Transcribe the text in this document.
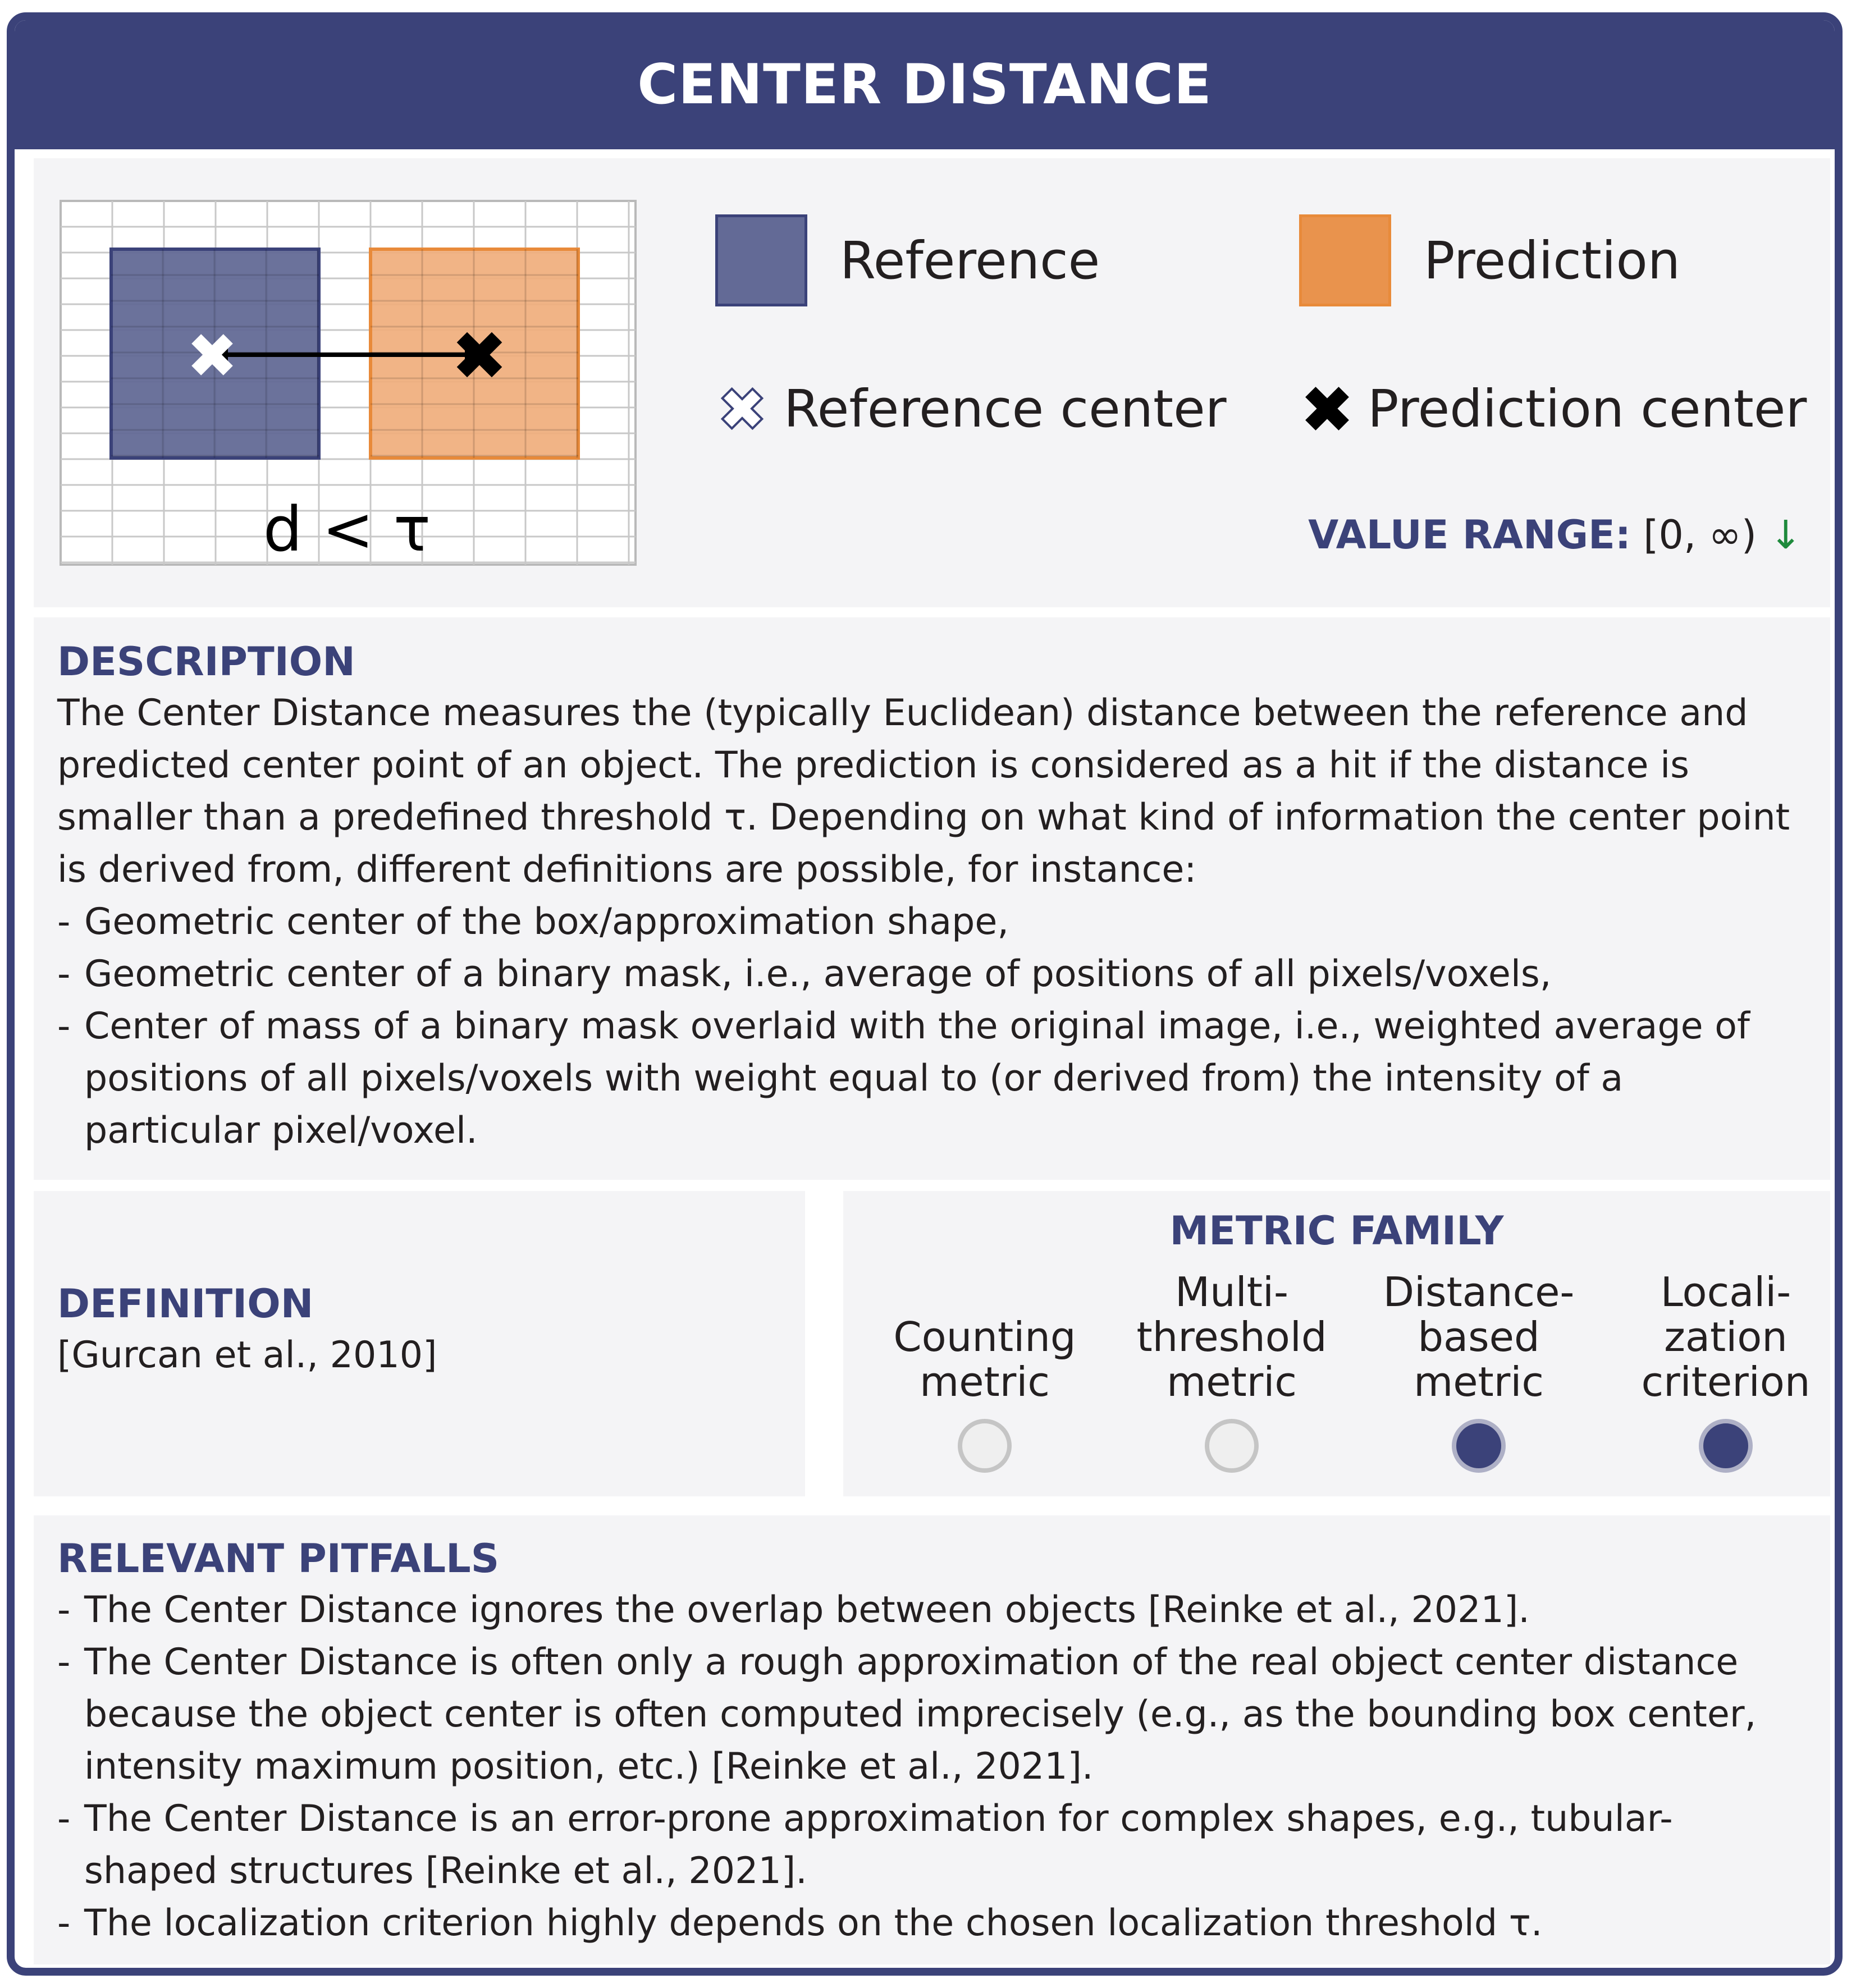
CENTER DISTANCE
d < τ
Reference	Prediction
Reference center	Prediction center
VALUE RANGE: [0, ∞) ↓
DESCRIPTION
The Center Distance measures the (typically Euclidean) distance between the reference and predicted center point of an object. The prediction is considered as a hit if the distance is smaller than a predefined threshold τ. Depending on what kind of information the center point is derived from, different definitions are possible, for instance:
- Geometric center of the box/approximation shape,
- Geometric center of a binary mask, i.e., average of positions of all pixels/voxels,
- Center of mass of a binary mask overlaid with the original image, i.e., weighted average of positions of all pixels/voxels with weight equal to (or derived from) the intensity of a particular pixel/voxel.
DEFINITION
[Gurcan et al., 2010]
METRIC FAMILY
Counting
metric
Multi-
threshold
metric
Distance-
based
metric
Locali-
zation
criterion
RELEVANT PITFALLS
- The Center Distance ignores the overlap between objects [Reinke et al., 2021].
- The Center Distance is often only a rough approximation of the real object center distance because the object center is often computed imprecisely (e.g., as the bounding box center, intensity maximum position, etc.) [Reinke et al., 2021].
- The Center Distance is an error-prone approximation for complex shapes, e.g., tubular-shaped structures [Reinke et al., 2021].
- The localization criterion highly depends on the chosen localization threshold τ.
